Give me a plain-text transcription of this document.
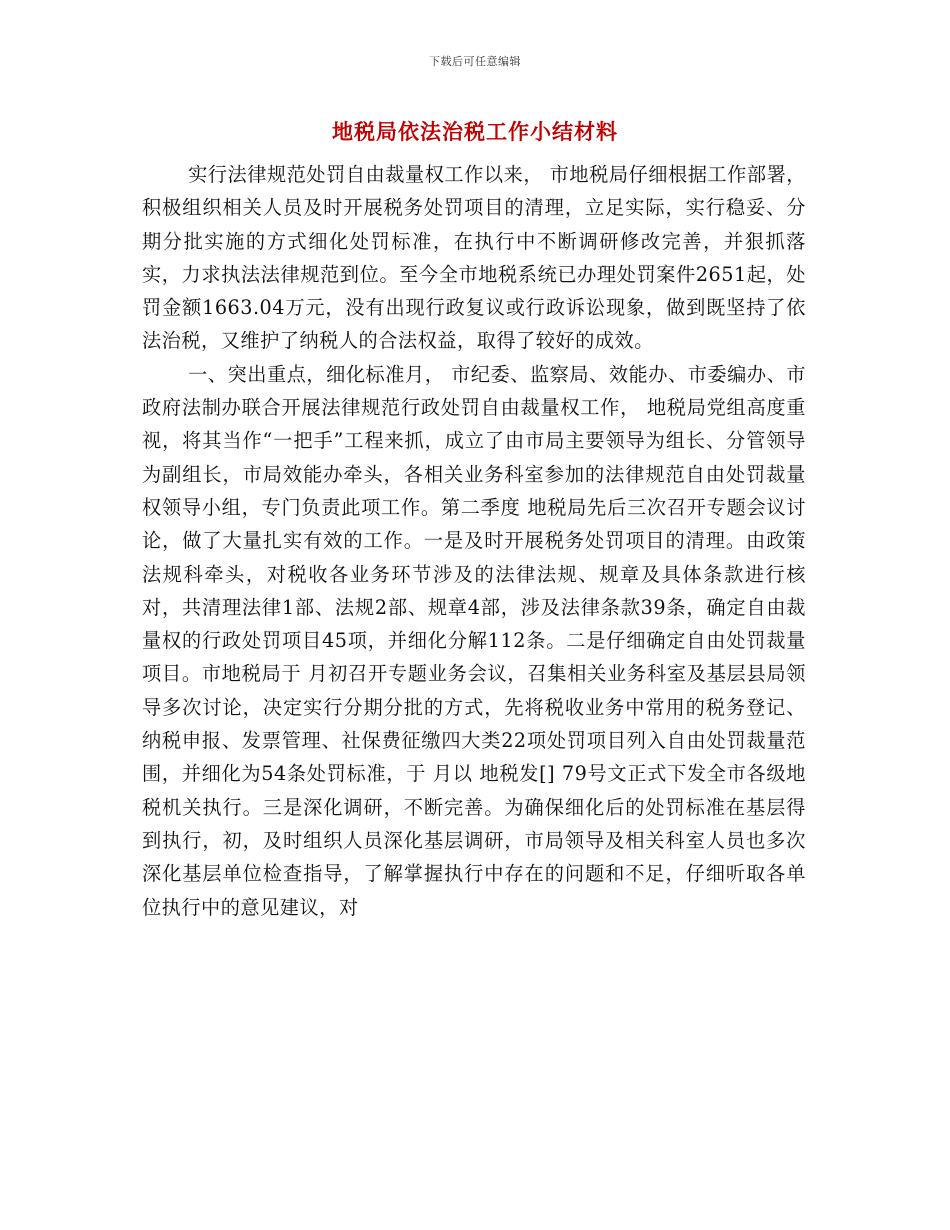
下载后可任意编辑
地税局依法治税工作小结材料

实行法律规范处罚自由裁量权工作以来， 市地税局仔细根据工作部署，积极组织相关人员及时开展税务处罚项目的清理，立足实际，实行稳妥、分期分批实施的方式细化处罚标准，在执行中不断调研修改完善，并狠抓落实，力求执法法律规范到位。至今全市地税系统已办理处罚案件2651起，处罚金额1663.04万元，没有出现行政复议或行政诉讼现象，做到既坚持了依法治税，又维护了纳税人的合法权益，取得了较好的成效。

一、突出重点，细化标准月， 市纪委、监察局、效能办、市委编办、市政府法制办联合开展法律规范行政处罚自由裁量权工作， 地税局党组高度重视，将其当作“一把手”工程来抓，成立了由市局主要领导为组长、分管领导为副组长，市局效能办牵头，各相关业务科室参加的法律规范自由处罚裁量权领导小组，专门负责此项工作。第二季度 地税局先后三次召开专题会议讨论，做了大量扎实有效的工作。一是及时开展税务处罚项目的清理。由政策法规科牵头，对税收各业务环节涉及的法律法规、规章及具体条款进行核对，共清理法律1部、法规2部、规章4部，涉及法律条款39条，确定自由裁量权的行政处罚项目45项，并细化分解112条。二是仔细确定自由处罚裁量项目。市地税局于 月初召开专题业务会议，召集相关业务科室及基层县局领导多次讨论，决定实行分期分批的方式，先将税收业务中常用的税务登记、纳税申报、发票管理、社保费征缴四大类22项处罚项目列入自由处罚裁量范围，并细化为54条处罚标准，于 月以 地税发[] 79号文正式下发全市各级地税机关执行。三是深化调研，不断完善。为确保细化后的处罚标准在基层得到执行，初，及时组织人员深化基层调研，市局领导及相关科室人员也多次深化基层单位检查指导，了解掌握执行中存在的问题和不足，仔细听取各单位执行中的意见建议，对
